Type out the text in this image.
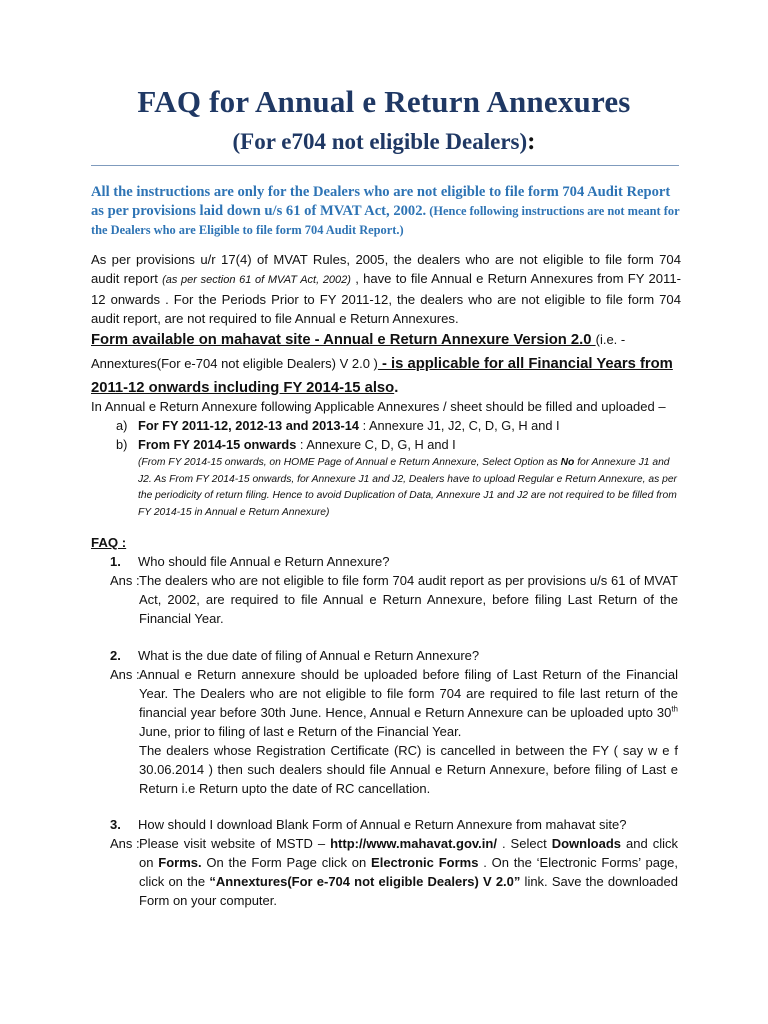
FAQ for Annual e Return Annexures
(For e704 not eligible Dealers):
All the instructions are only for the Dealers who are not eligible to file form 704 Audit Report as per provisions laid down u/s 61 of MVAT Act, 2002. (Hence following instructions are not meant for the Dealers who are Eligible to file form 704 Audit Report.)
As per provisions u/r 17(4) of MVAT Rules, 2005, the dealers who are not eligible to file form 704 audit report (as per section 61 of MVAT Act, 2002) , have to file Annual e Return Annexures from FY 2011-12 onwards . For the Periods Prior to FY 2011-12, the dealers who are not eligible to file form 704 audit report, are not required to file Annual e Return Annexures.
Form available on mahavat site - Annual e Return Annexure Version 2.0 (i.e. - Annextures(For e-704 not eligible Dealers) V 2.0 ) - is applicable for all Financial Years from 2011-12 onwards including FY 2014-15 also.
In Annual e Return Annexure following Applicable Annexures / sheet should be filled and uploaded –
a) For FY 2011-12, 2012-13 and 2013-14 : Annexure J1, J2, C, D, G, H and I
b) From FY 2014-15 onwards : Annexure C, D, G, H and I
(From FY 2014-15 onwards, on HOME Page of Annual e Return Annexure, Select Option as No for Annexure J1 and J2. As From FY 2014-15 onwards, for Annexure J1 and J2, Dealers have to upload Regular e Return Annexure, as per the periodicity of return filing. Hence to avoid Duplication of Data, Annexure J1 and J2 are not required to be filled from FY 2014-15 in Annual e Return Annexure)
FAQ :
1. Who should file Annual e Return Annexure?
Ans : The dealers who are not eligible to file form 704 audit report as per provisions u/s 61 of MVAT Act, 2002, are required to file Annual e Return Annexure, before filing Last Return of the Financial Year.

2. What is the due date of filing of Annual e Return Annexure?
Ans : Annual e Return annexure should be uploaded before filing of Last Return of the Financial Year. The Dealers who are not eligible to file form 704 are required to file last return of the financial year before 30th June. Hence, Annual e Return Annexure can be uploaded upto 30th June, prior to filing of last e Return of the Financial Year.

The dealers whose Registration Certificate (RC) is cancelled in between the FY ( say w e f 30.06.2014 ) then such dealers should file Annual e Return Annexure, before filing of Last e Return i.e Return upto the date of RC cancellation.

3. How should I download Blank Form of Annual e Return Annexure from mahavat site?
Ans : Please visit website of MSTD – http://www.mahavat.gov.in/ . Select Downloads and click on Forms. On the Form Page click on Electronic Forms . On the ‘Electronic Forms’ page, click on the “Annextures(For e-704 not eligible Dealers) V 2.0” link. Save the downloaded Form on your computer.
